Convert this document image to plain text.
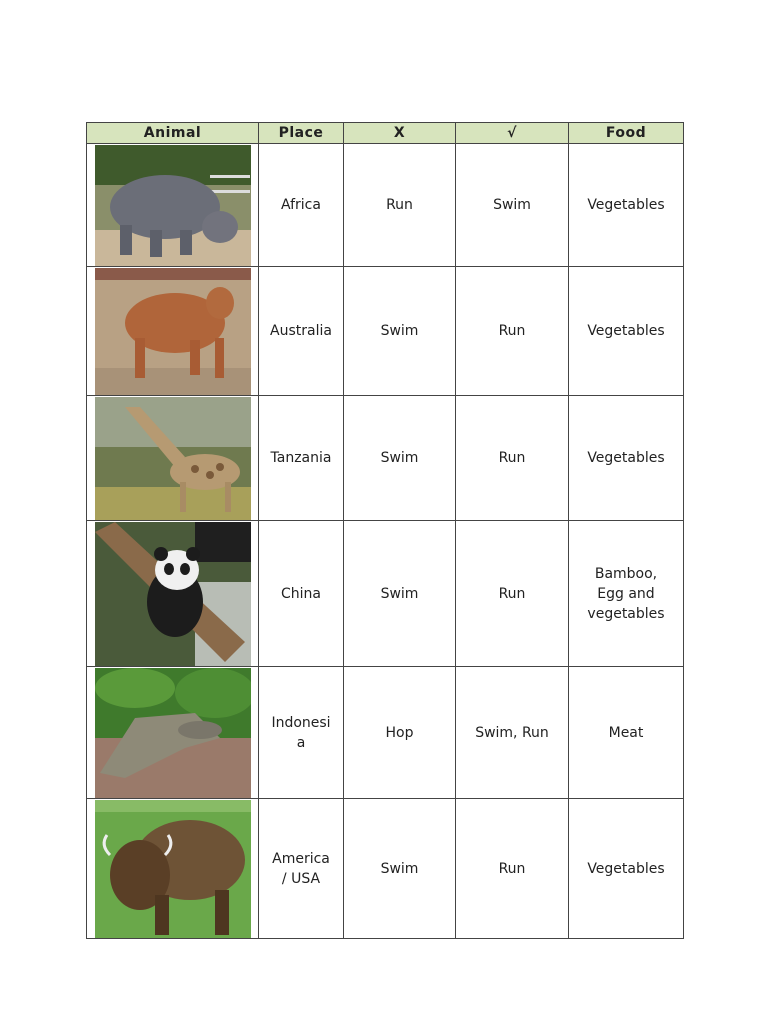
Animal	Place	X	√	Food

	Africa	Run	Swim	Vegetables

	Australia	Swim	Run	Vegetables

	Tanzania	Swim	Run	Vegetables

	China	Swim	Run	Bamboo,
Egg and
vegetables

	Indonesi
a	Hop	Swim, Run	Meat

	America
/ USA	Swim	Run	Vegetables
